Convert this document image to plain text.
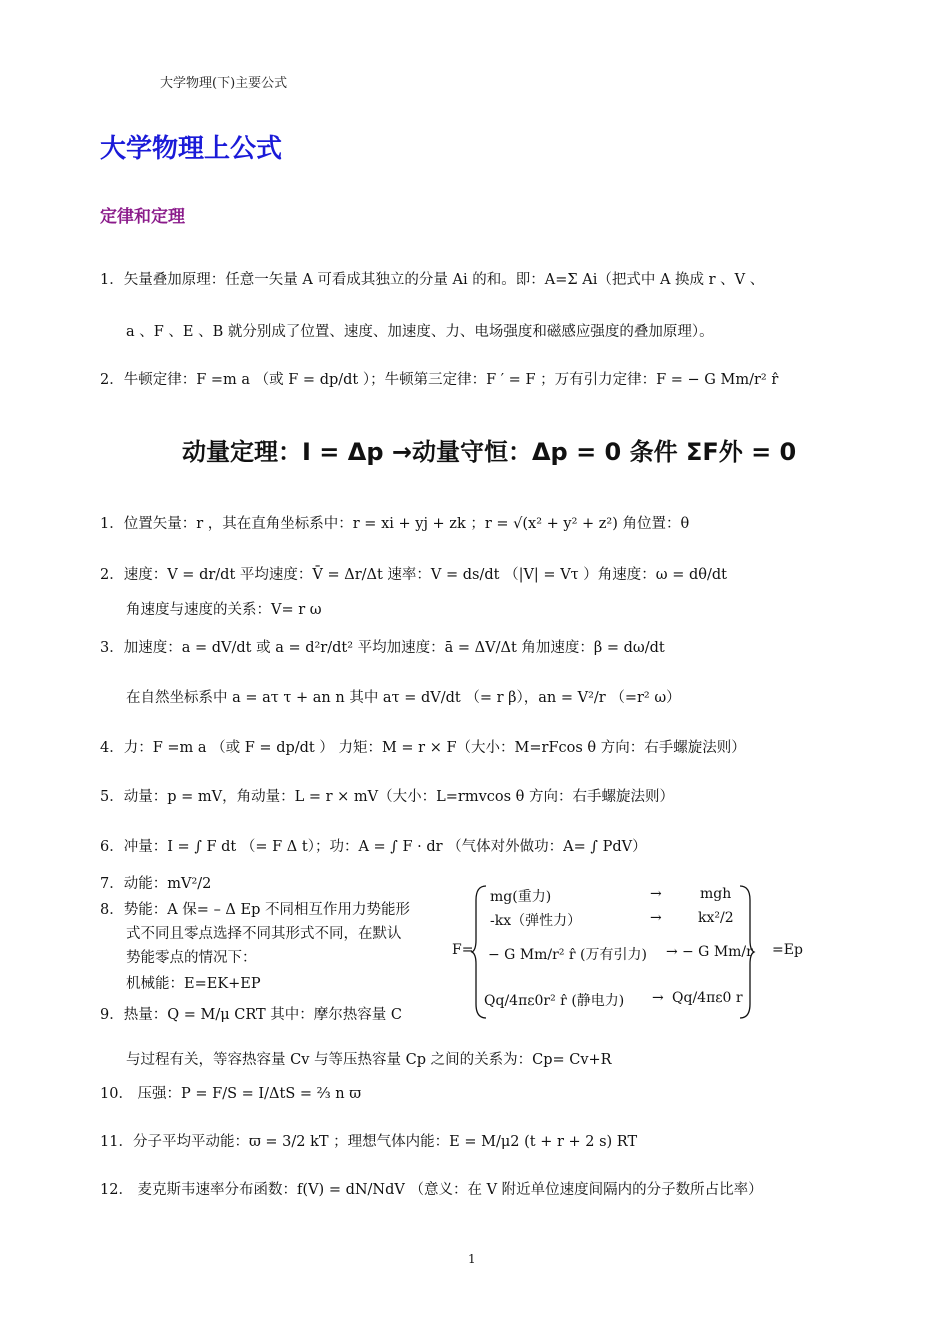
大学物理(下)主要公式
大学物理上公式
定律和定理
1．矢量叠加原理：任意一矢量 A 可看成其独立的分量 Ai 的和。即：A=Σ Ai（把式中 A 换成 r 、V 、
a 、F 、E 、B 就分别成了位置、速度、加速度、力、电场强度和磁感应强度的叠加原理）。
2．牛顿定律：F =m a （或 F = dp/dt ）；牛顿第三定律：F ′ = F ；万有引力定律：F = − G Mm/r² r̂
动量定理：I = Δp →动量守恒：Δp = 0 条件 ΣF外 = 0
1．位置矢量：r ，其在直角坐标系中：r = xi + yj + zk ；r = √(x² + y² + z²) 角位置：θ
2．速度：V = dr/dt 平均速度：V̄ = Δr/Δt 速率：V = ds/dt （|V| = Vτ ）角速度：ω = dθ/dt
角速度与速度的关系：V= r ω
3．加速度：a = dV/dt 或 a = d²r/dt² 平均加速度：ā = ΔV/Δt 角加速度：β = dω/dt
在自然坐标系中 a = aτ τ + an n 其中 aτ = dV/dt （= r β），an = V²/r （=r² ω）
4．力：F =m a （或 F = dp/dt ） 力矩：M = r × F（大小：M=rFcos θ 方向：右手螺旋法则）
5．动量：p = mV，角动量：L = r × mV（大小：L=rmvcos θ 方向：右手螺旋法则）
6．冲量：I = ∫ F dt （= F Δ t）；功：A = ∫ F · dr （气体对外做功：A= ∫ PdV）
7．动能：mV²/2
8．势能：A 保= – Δ Ep 不同相互作用力势能形
式不同且零点选择不同其形式不同，在默认
势能零点的情况下：
机械能：E=EK+EP
9．热量：Q = M/μ CRT 其中：摩尔热容量 C
F=	=Ep
mg(重力)	→	mgh
-kx（弹性力）	→	kx²/2
− G Mm/r² r̂ (万有引力) → − G Mm/r
Qq/4πε0r² r̂ (静电力) → Qq/4πε0 r
与过程有关，等容热容量 Cv 与等压热容量 Cp 之间的关系为：Cp= Cv+R
10． 压强：P = F/S = I/ΔtS = ⅔ n ϖ
11．分子平均平动能：ϖ = 3/2 kT ；理想气体内能：E = M/μ2 (t + r + 2 s) RT
12． 麦克斯韦速率分布函数：f(V) = dN/NdV （意义：在 V 附近单位速度间隔内的分子数所占比率）
1
